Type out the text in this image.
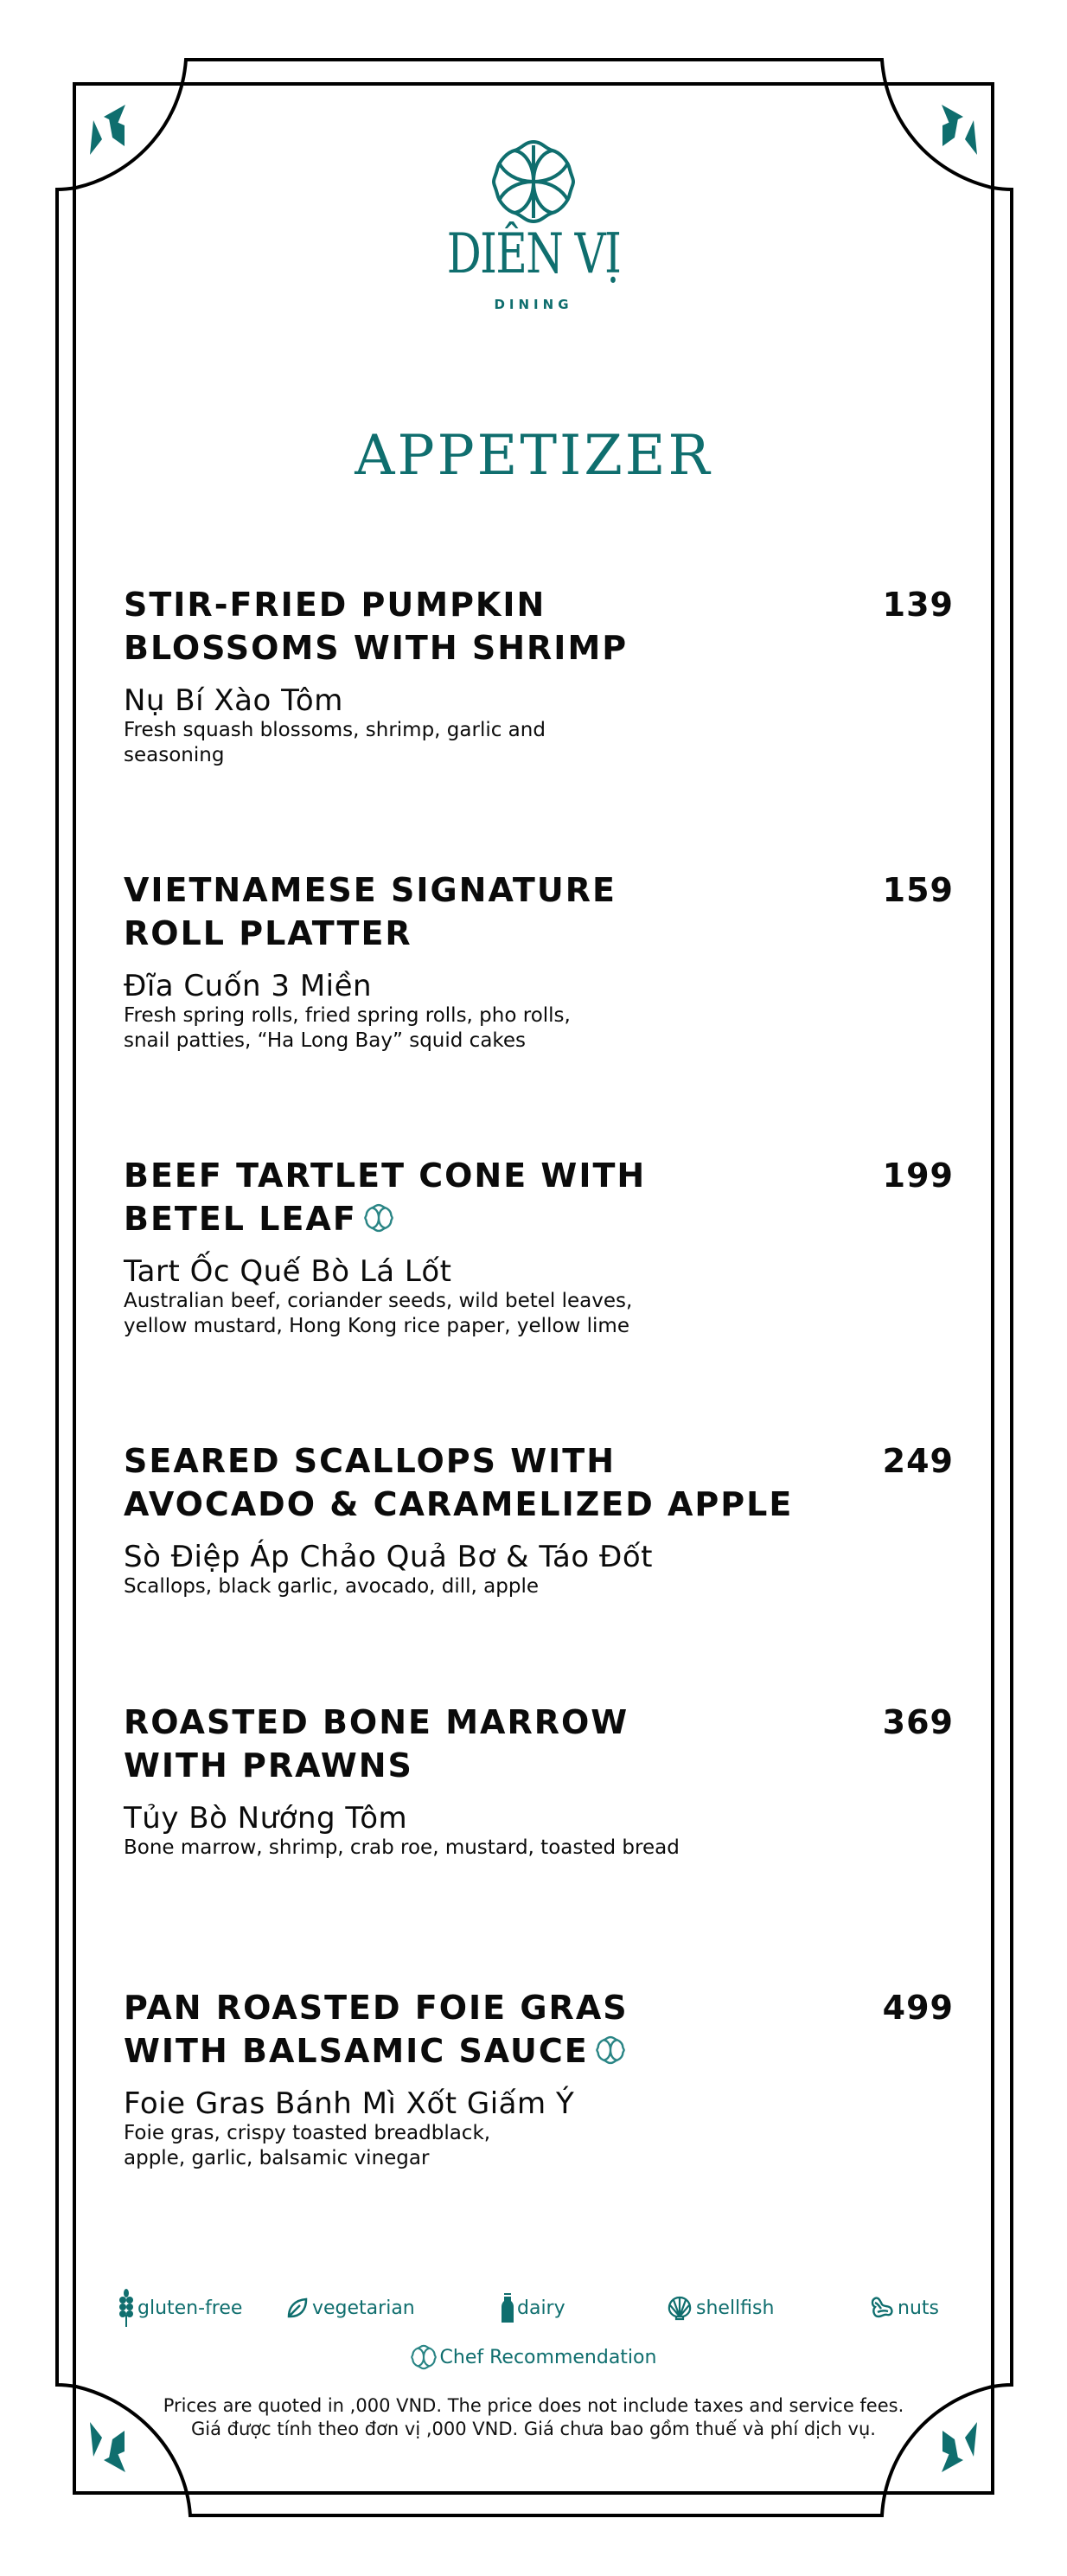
DIÊN VỊ
DINING
APPETIZER
STIR-FRIED PUMPKIN
BLOSSOMS WITH SHRIMP
139
Nụ Bí Xào Tôm
Fresh squash blossoms, shrimp, garlic and
seasoning
VIETNAMESE SIGNATURE
ROLL PLATTER
159
Đĩa Cuốn 3 Miền
Fresh spring rolls, fried spring rolls, pho rolls,
snail patties, “Ha Long Bay” squid cakes
BEEF TARTLET CONE WITH
BETEL LEAF
199
Tart Ốc Quế Bò Lá Lốt
Australian beef, coriander seeds, wild betel leaves,
yellow mustard, Hong Kong rice paper, yellow lime
SEARED SCALLOPS WITH
AVOCADO & CARAMELIZED APPLE
249
Sò Điệp Áp Chảo Quả Bơ & Táo Đốt
Scallops, black garlic, avocado, dill, apple
ROASTED BONE MARROW
WITH PRAWNS
369
Tủy Bò Nướng Tôm
Bone marrow, shrimp, crab roe, mustard, toasted bread
PAN ROASTED FOIE GRAS
WITH BALSAMIC SAUCE
499
Foie Gras Bánh Mì Xốt Giấm Ý
Foie gras, crispy toasted breadblack,
apple, garlic, balsamic vinegar
gluten-free	vegetarian	dairy	shellfish	nuts
Chef Recommendation
Prices are quoted in ,000 VND. The price does not include taxes and service fees.
Giá được tính theo đơn vị ,000 VND. Giá chưa bao gồm thuế và phí dịch vụ.
